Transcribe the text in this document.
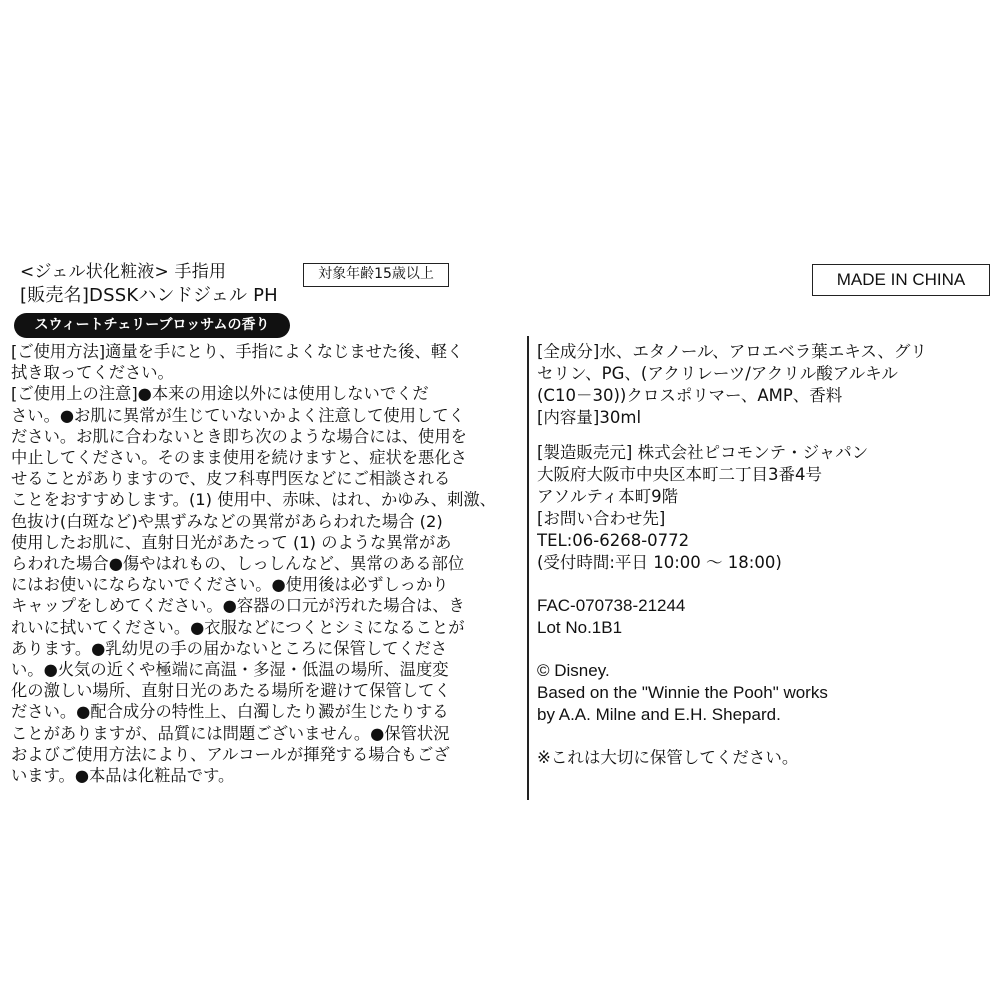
<ジェル状化粧液> 手指用
[販売名]DSSKハンドジェル PH
対象年齢15歳以上	MADE IN CHINA
スウィートチェリーブロッサムの香り
[ご使用方法]適量を手にとり、手指によくなじませた後、軽く
拭き取ってください。
[ご使用上の注意]●本来の用途以外には使用しないでくだ
さい。●お肌に異常が生じていないかよく注意して使用してく
ださい。お肌に合わないとき即ち次のような場合には、使用を
中止してください。そのまま使用を続けますと、症状を悪化さ
せることがありますので、皮フ科専門医などにご相談される
ことをおすすめします。(1) 使用中、赤味、はれ、かゆみ、刺激、
色抜け(白斑など)や黒ずみなどの異常があらわれた場合 (2)
使用したお肌に、直射日光があたって (1) のような異常があ
らわれた場合●傷やはれもの、しっしんなど、異常のある部位
にはお使いにならないでください。●使用後は必ずしっかり
キャップをしめてください。●容器の口元が汚れた場合は、き
れいに拭いてください。●衣服などにつくとシミになることが
あります。●乳幼児の手の届かないところに保管してくださ
い。●火気の近くや極端に高温・多湿・低温の場所、温度変
化の激しい場所、直射日光のあたる場所を避けて保管してく
ださい。●配合成分の特性上、白濁したり澱が生じたりする
ことがありますが、品質には問題ございません。●保管状況
およびご使用方法により、アルコールが揮発する場合もござ
います。●本品は化粧品です。
[全成分]水、エタノール、アロエベラ葉エキス、グリ
セリン、PG、(アクリレーツ/アクリル酸アルキル
(C10－30))クロスポリマー、AMP、香料
[内容量]30ml
[製造販売元] 株式会社ピコモンテ・ジャパン
大阪府大阪市中央区本町二丁目3番4号
アソルティ本町9階
[お問い合わせ先]
TEL:06-6268-0772
(受付時間:平日 10:00 ～ 18:00)
FAC-070738-21244
Lot No.1B1
© Disney.
Based on the "Winnie the Pooh" works
by A.A. Milne and E.H. Shepard.
※これは大切に保管してください。
